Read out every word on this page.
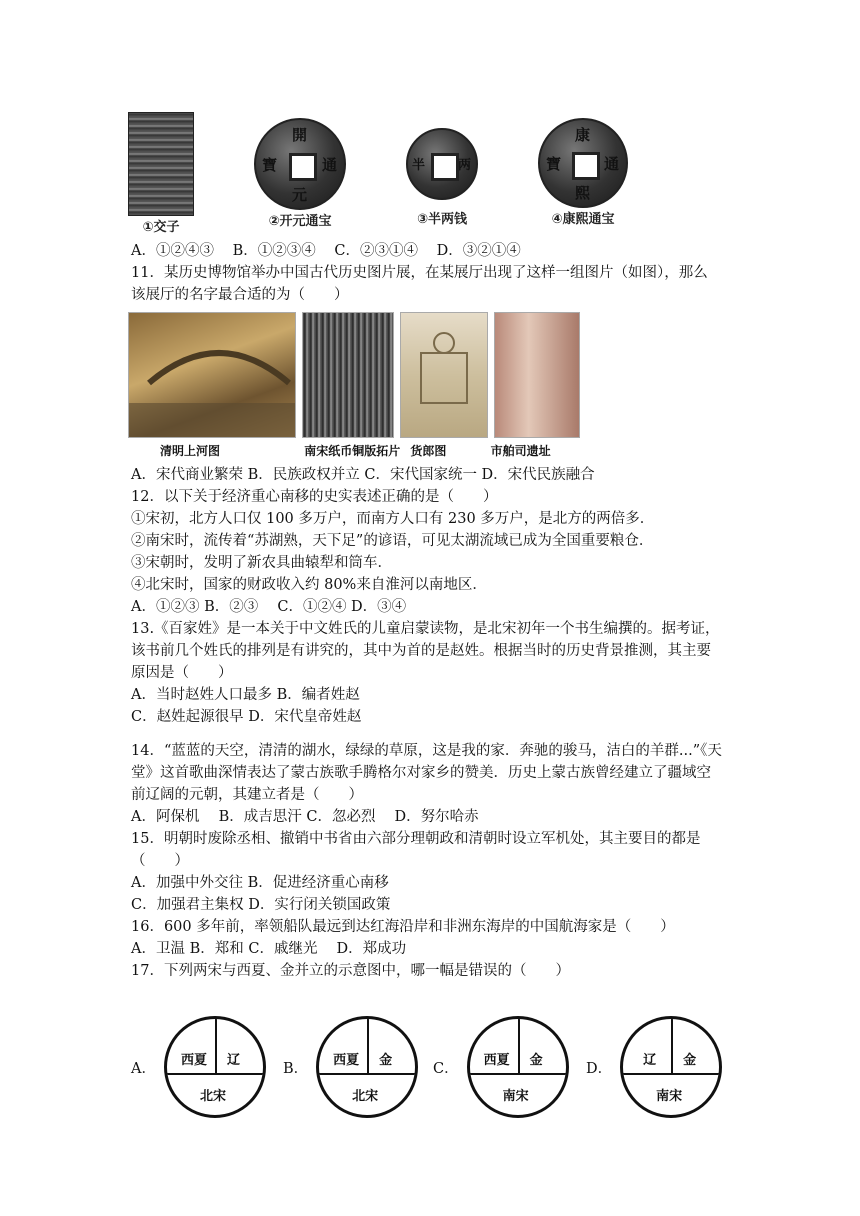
①交子
開
元
通
寶
②开元通宝
半	两
③半两钱
康
熙
通
寶
④康熙通宝
A．①②④③ B．①②③④ C．②③①④ D．③②①④
11．某历史博物馆举办中国古代历史图片展，在某展厅出现了这样一组图片（如图），那么
该展厅的名字最合适的为（　　）
清明上河图	南宋纸币铜版拓片 货郎图	市舶司遗址
A．宋代商业繁荣 B．民族政权并立 C．宋代国家统一 D．宋代民族融合
12．以下关于经济重心南移的史实表述正确的是（　　）
①宋初，北方人口仅 100 多万户，而南方人口有 230 多万户，是北方的两倍多．
②南宋时，流传着“苏湖熟，天下足”的谚语，可见太湖流域已成为全国重要粮仓．
③宋朝时，发明了新农具曲辕犁和筒车．
④北宋时，国家的财政收入约 80%来自淮河以南地区．
A．①②③ B．②③　 C．①②④ D．③④
13.《百家姓》是一本关于中文姓氏的儿童启蒙读物，是北宋初年一个书生编撰的。据考证，
该书前几个姓氏的排列是有讲究的，其中为首的是赵姓。根据当时的历史背景推测，其主要
原因是（　　）
A．当时赵姓人口最多 B．编者姓赵
C．赵姓起源很早 D．宋代皇帝姓赵
14．“蓝蓝的天空，清清的湖水，绿绿的草原，这是我的家．奔驰的骏马，洁白的羊群...”《天
堂》这首歌曲深情表达了蒙古族歌手腾格尔对家乡的赞美．历史上蒙古族曾经建立了疆域空
前辽阔的元朝，其建立者是（　　）
A．阿保机　 B．成吉思汗 C．忽必烈　 D．努尔哈赤
15．明朝时废除丞相、撤销中书省由六部分理朝政和清朝时设立军机处，其主要目的都是
（　　）
A．加强中外交往 B．促进经济重心南移
C．加强君主集权 D．实行闭关锁国政策
16．600 多年前，率领船队最远到达红海沿岸和非洲东海岸的中国航海家是（　　）
A．卫温 B．郑和 C．戚继光　 D．郑成功
17．下列两宋与西夏、金并立的示意图中，哪一幅是错误的（　　）
A． 西夏 辽
北宋
B． 西夏 金
北宋
C． 西夏 金
南宋
D． 辽 金
南宋
